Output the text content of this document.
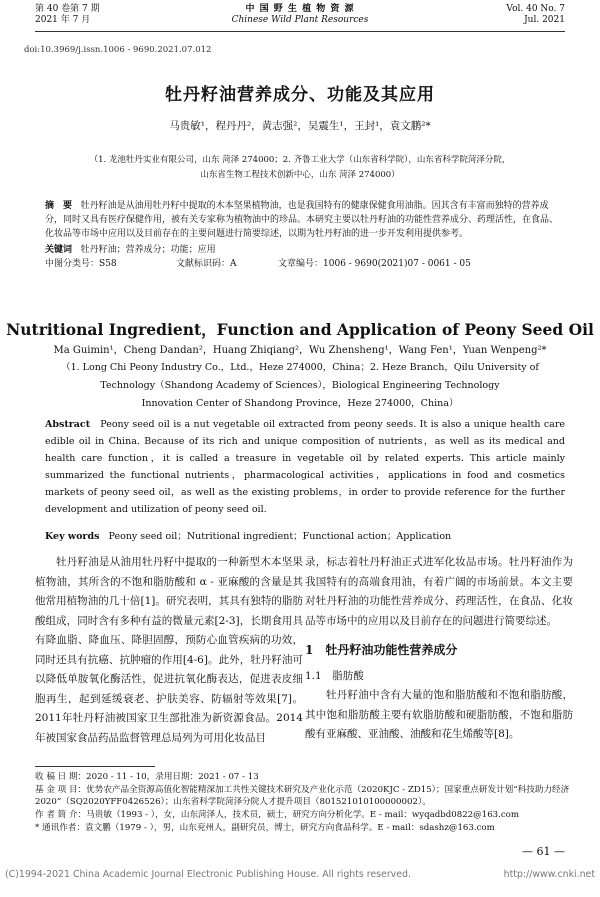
第 40 卷第 7 期
2021 年 7 月
中 国 野 生 植 物 资 源
Chinese Wild Plant Resources
Vol. 40 No. 7
Jul. 2021
doi:10.3969/j.issn.1006 - 9690.2021.07.012
牡丹籽油营养成分、功能及其应用
马贵敏¹，程丹丹²，黄志强²，吴震生¹，王封¹，袁文鹏²*
（1. 龙池牡丹实业有限公司，山东 菏泽 274000；2. 齐鲁工业大学（山东省科学院），山东省科学院菏泽分院，
山东省生物工程技术创新中心，山东 菏泽 274000）
摘　要 牡丹籽油是从油用牡丹籽中提取的木本坚果植物油，也是我国特有的健康保健食用油脂。因其含有丰富而独特的营养成分，同时又具有医疗保健作用，被有关专家称为植物油中的珍品。本研究主要以牡丹籽油的功能性营养成分、药理活性，在食品、化妆品等市场中应用以及目前存在的主要问题进行简要综述，以期为牡丹籽油的进一步开发利用提供参考。
关键词 牡丹籽油；营养成分；功能；应用
中图分类号：S58	文献标识码：A	文章编号：1006 - 9690(2021)07 - 0061 - 05
Nutritional Ingredient，Function and Application of Peony Seed Oil
Ma Guimin¹，Cheng Dandan²，Huang Zhiqiang²，Wu Zhensheng¹，Wang Fen¹，Yuan Wenpeng²*
（1. Long Chi Peony Industry Co.，Ltd.，Heze 274000，China；2. Heze Branch，Qilu University of
Technology（Shandong Academy of Sciences），Biological Engineering Technology
Innovation Center of Shandong Province，Heze 274000，China）
Abstract Peony seed oil is a nut vegetable oil extracted from peony seeds. It is also a unique health care edible oil in China. Because of its rich and unique composition of nutrients，as well as its medical and health care function，it is called a treasure in vegetable oil by related experts. This article mainly summarized the functional nutrients，pharmacological activities，applications in food and cosmetics markets of peony seed oil，as well as the existing problems，in order to provide reference for the further development and utilization of peony seed oil.
Key words Peony seed oil；Nutritional ingredient；Functional action；Application
牡丹籽油是从油用牡丹籽中提取的一种新型木本坚果植物油，其所含的不饱和脂肪酸和 α - 亚麻酸的含量是其他常用植物油的几十倍[1]。研究表明，其具有独特的脂肪酸组成，同时含有多种有益的微量元素[2-3]，长期食用具有降血脂、降血压、降胆固醇，预防心血管疾病的功效，同时还具有抗癌、抗肿瘤的作用[4-6]。此外，牡丹籽油可以降低单胺氧化酶活性，促进抗氧化酶表达，促进表皮细胞再生，起到延缓衰老、护肤美容、防辐射等效果[7]。2011年牡丹籽油被国家卫生部批准为新资源食品。2014年被国家食品药品监督管理总局列为可用化妆品目
录，标志着牡丹籽油正式进军化妆品市场。牡丹籽油作为我国特有的高端食用油，有着广阔的市场前景。本文主要对牡丹籽油的功能性营养成分、药理活性，在食品、化妆品等市场中的应用以及目前存在的问题进行简要综述。
1　牡丹籽油功能性营养成分
1.1　脂肪酸
牡丹籽油中含有大量的饱和脂肪酸和不饱和脂肪酸，其中饱和脂肪酸主要有软脂肪酸和硬脂肪酸，不饱和脂肪酸有亚麻酸、亚油酸、油酸和花生烯酸等[8]。
收 稿 日 期：2020 - 11 - 10，录用日期：2021 - 07 - 13
基 金 项 目：优势农产品全资源高值化智能精深加工共性关键技术研究及产业化示范（2020KJC - ZD15）；国家重点研发计划“科技助力经济 2020”（SQ2020YFF0426526）；山东省科学院菏泽分院人才提升项目（801521010100000002）。
作 者 简 介：马贵敏（1993 - ），女，山东菏泽人，技术员，硕士，研究方向分析化学。E - mail：wyqadbd0822@163.com
* 通讯作者：袁文鹏（1979 - ），男，山东兖州人，副研究员，博士，研究方向食品科学。E - mail：sdashz@163.com
— 61 —
(C)1994-2021 China Academic Journal Electronic Publishing House. All rights reserved.	http://www.cnki.net
